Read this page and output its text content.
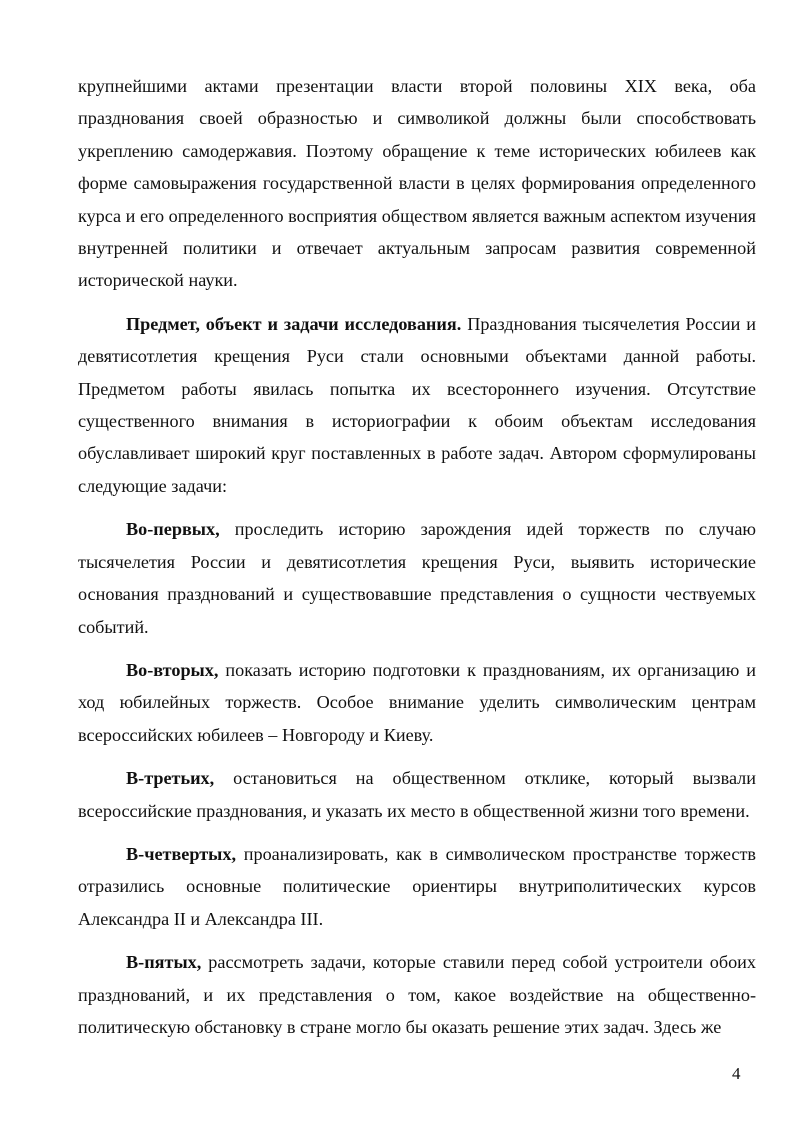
крупнейшими актами презентации власти второй половины XIX века, оба празднования своей образностью и символикой должны были способствовать укреплению самодержавия. Поэтому обращение к теме исторических юбилеев как форме самовыражения государственной власти в целях формирования определенного курса и его определенного восприятия обществом является важным аспектом изучения внутренней политики и отвечает актуальным запросам развития современной исторической науки.

Предмет, объект и задачи исследования. Празднования тысячелетия России и девятисотлетия крещения Руси стали основными объектами данной работы. Предметом работы явилась попытка их всестороннего изучения. Отсутствие существенного внимания в историографии к обоим объектам исследования обуславливает широкий круг поставленных в работе задач. Автором сформулированы следующие задачи:

Во-первых, проследить историю зарождения идей торжеств по случаю тысячелетия России и девятисотлетия крещения Руси, выявить исторические основания празднований и существовавшие представления о сущности чествуемых событий.

Во-вторых, показать историю подготовки к празднованиям, их организацию и ход юбилейных торжеств. Особое внимание уделить символическим центрам всероссийских юбилеев – Новгороду и Киеву.

В-третьих, остановиться на общественном отклике, который вызвали всероссийские празднования, и указать их место в общественной жизни того времени.

В-четвертых, проанализировать, как в символическом пространстве торжеств отразились основные политические ориентиры внутриполитических курсов Александра II и Александра III.

В-пятых, рассмотреть задачи, которые ставили перед собой устроители обоих празднований, и их представления о том, какое воздействие на общественно-политическую обстановку в стране могло бы оказать решение этих задач. Здесь же

4
